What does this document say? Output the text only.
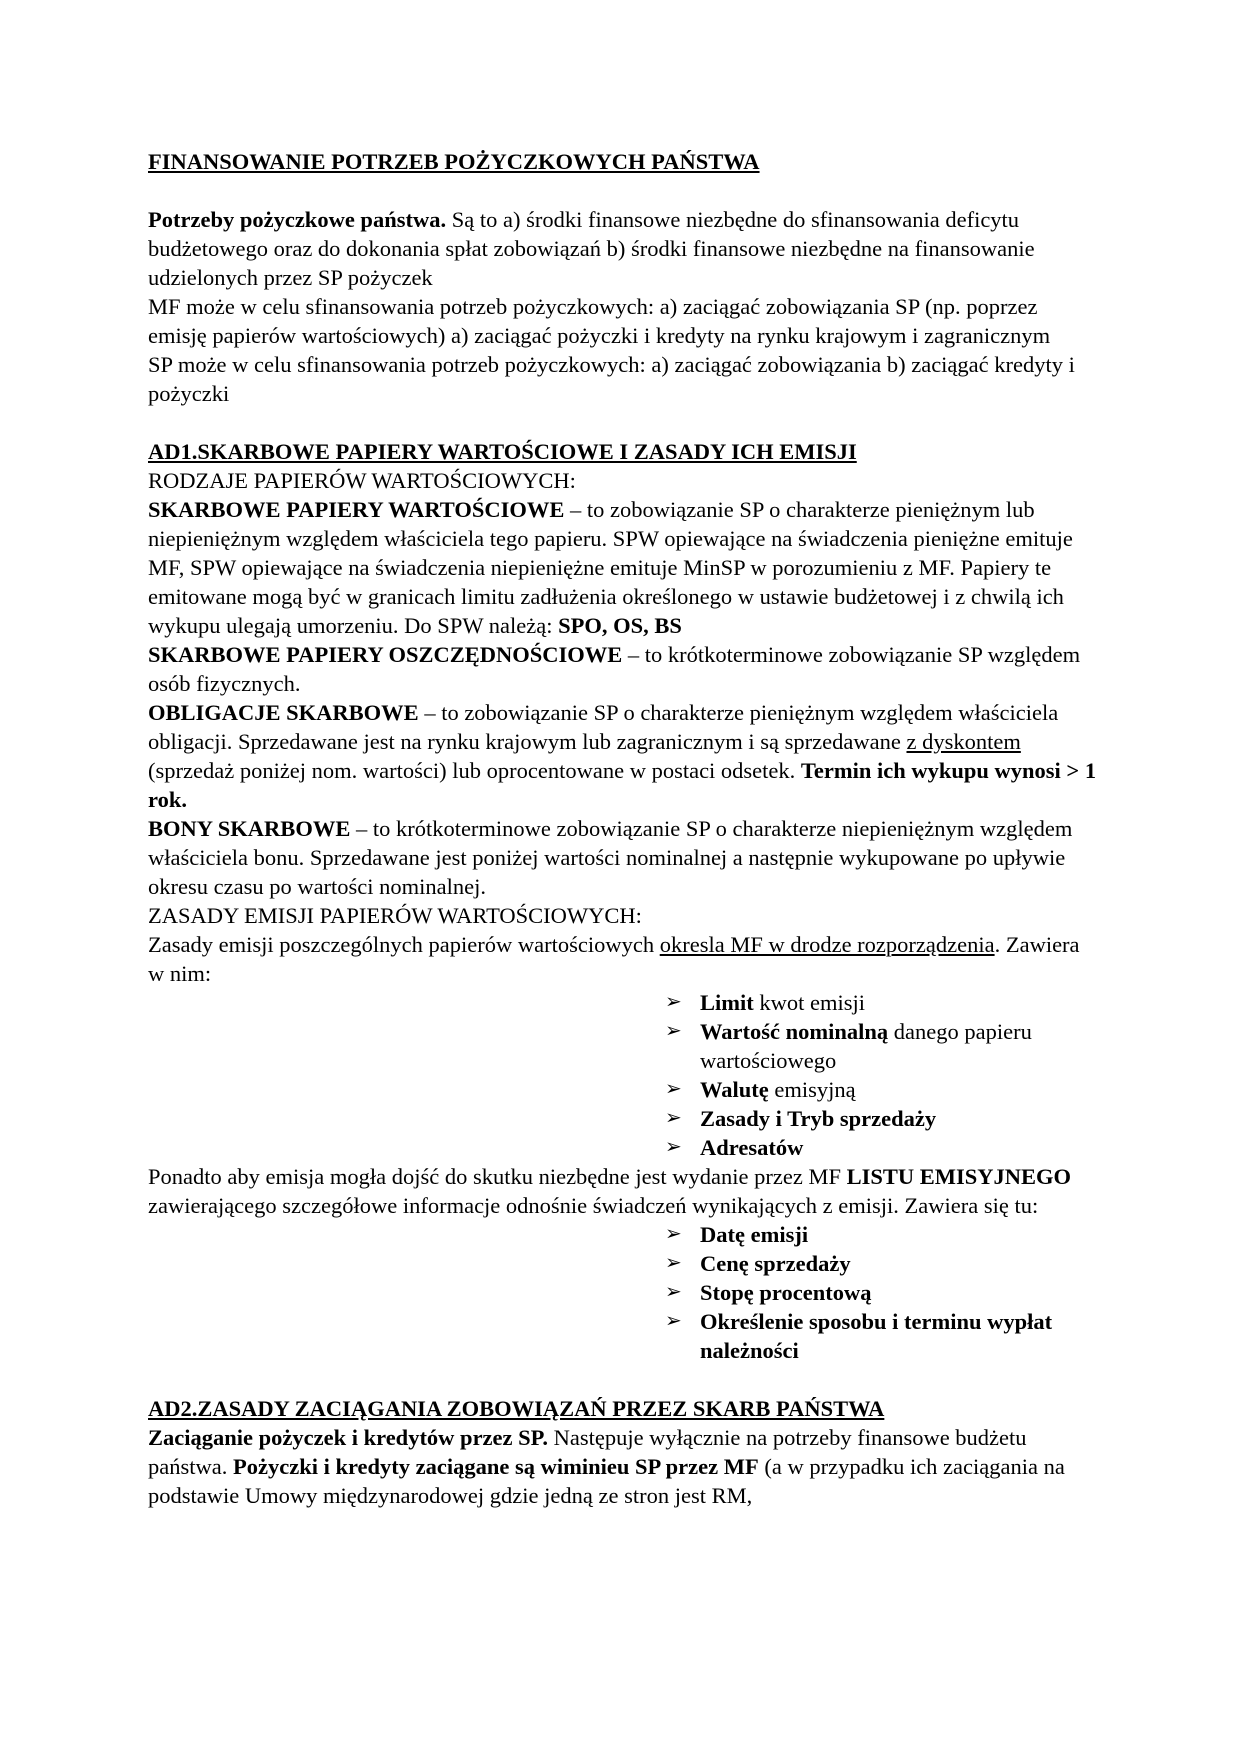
FINANSOWANIE POTRZEB POŻYCZKOWYCH PAŃSTWA

Potrzeby pożyczkowe państwa. Są to a) środki finansowe niezbędne do sfinansowania deficytu budżetowego oraz do dokonania spłat zobowiązań b) środki finansowe niezbędne na finansowanie udzielonych przez SP pożyczek

MF może w celu sfinansowania potrzeb pożyczkowych: a) zaciągać zobowiązania SP (np. poprzez emisję papierów wartościowych) a) zaciągać pożyczki i kredyty na rynku krajowym i zagranicznym

SP może w celu sfinansowania potrzeb pożyczkowych: a) zaciągać zobowiązania b) zaciągać kredyty i pożyczki

AD1.SKARBOWE PAPIERY WARTOŚCIOWE I ZASADY ICH EMISJI

RODZAJE PAPIERÓW WARTOŚCIOWYCH:

SKARBOWE PAPIERY WARTOŚCIOWE – to zobowiązanie SP o charakterze pieniężnym lub niepieniężnym względem właściciela tego papieru. SPW opiewające na świadczenia pieniężne emituje MF, SPW opiewające na świadczenia niepieniężne emituje MinSP w porozumieniu z MF. Papiery te emitowane mogą być w granicach limitu zadłużenia określonego w ustawie budżetowej i z chwilą ich wykupu ulegają umorzeniu. Do SPW należą: SPO, OS, BS

SKARBOWE PAPIERY OSZCZĘDNOŚCIOWE – to krótkoterminowe zobowiązanie SP względem osób fizycznych.

OBLIGACJE SKARBOWE – to zobowiązanie SP o charakterze pieniężnym względem właściciela obligacji. Sprzedawane jest na rynku krajowym lub zagranicznym i są sprzedawane z dyskontem (sprzedaż poniżej nom. wartości) lub oprocentowane w postaci odsetek. Termin ich wykupu wynosi > 1 rok.

BONY SKARBOWE – to krótkoterminowe zobowiązanie SP o charakterze niepieniężnym względem właściciela bonu. Sprzedawane jest poniżej wartości nominalnej a następnie wykupowane po upływie okresu czasu po wartości nominalnej.

ZASADY EMISJI PAPIERÓW WARTOŚCIOWYCH:

Zasady emisji poszczególnych papierów wartościowych okresla MF w drodze rozporządzenia. Zawiera w nim:

➢ Limit kwot emisji
➢ Wartość nominalną danego papieru wartościowego
➢ Walutę emisyjną
➢ Zasady i Tryb sprzedaży
➢ Adresatów

Ponadto aby emisja mogła dojść do skutku niezbędne jest wydanie przez MF LISTU EMISYJNEGO zawierającego szczegółowe informacje odnośnie świadczeń wynikających z emisji. Zawiera się tu:

➢ Datę emisji
➢ Cenę sprzedaży
➢ Stopę procentową
➢ Określenie sposobu i terminu wypłat należności

AD2.ZASADY ZACIĄGANIA ZOBOWIĄZAŃ PRZEZ SKARB PAŃSTWA

Zaciąganie pożyczek i kredytów przez SP. Następuje wyłącznie na potrzeby finansowe budżetu państwa. Pożyczki i kredyty zaciągane są wiminieu SP przez MF (a w przypadku ich zaciągania na podstawie Umowy międzynarodowej gdzie jedną ze stron jest RM,
